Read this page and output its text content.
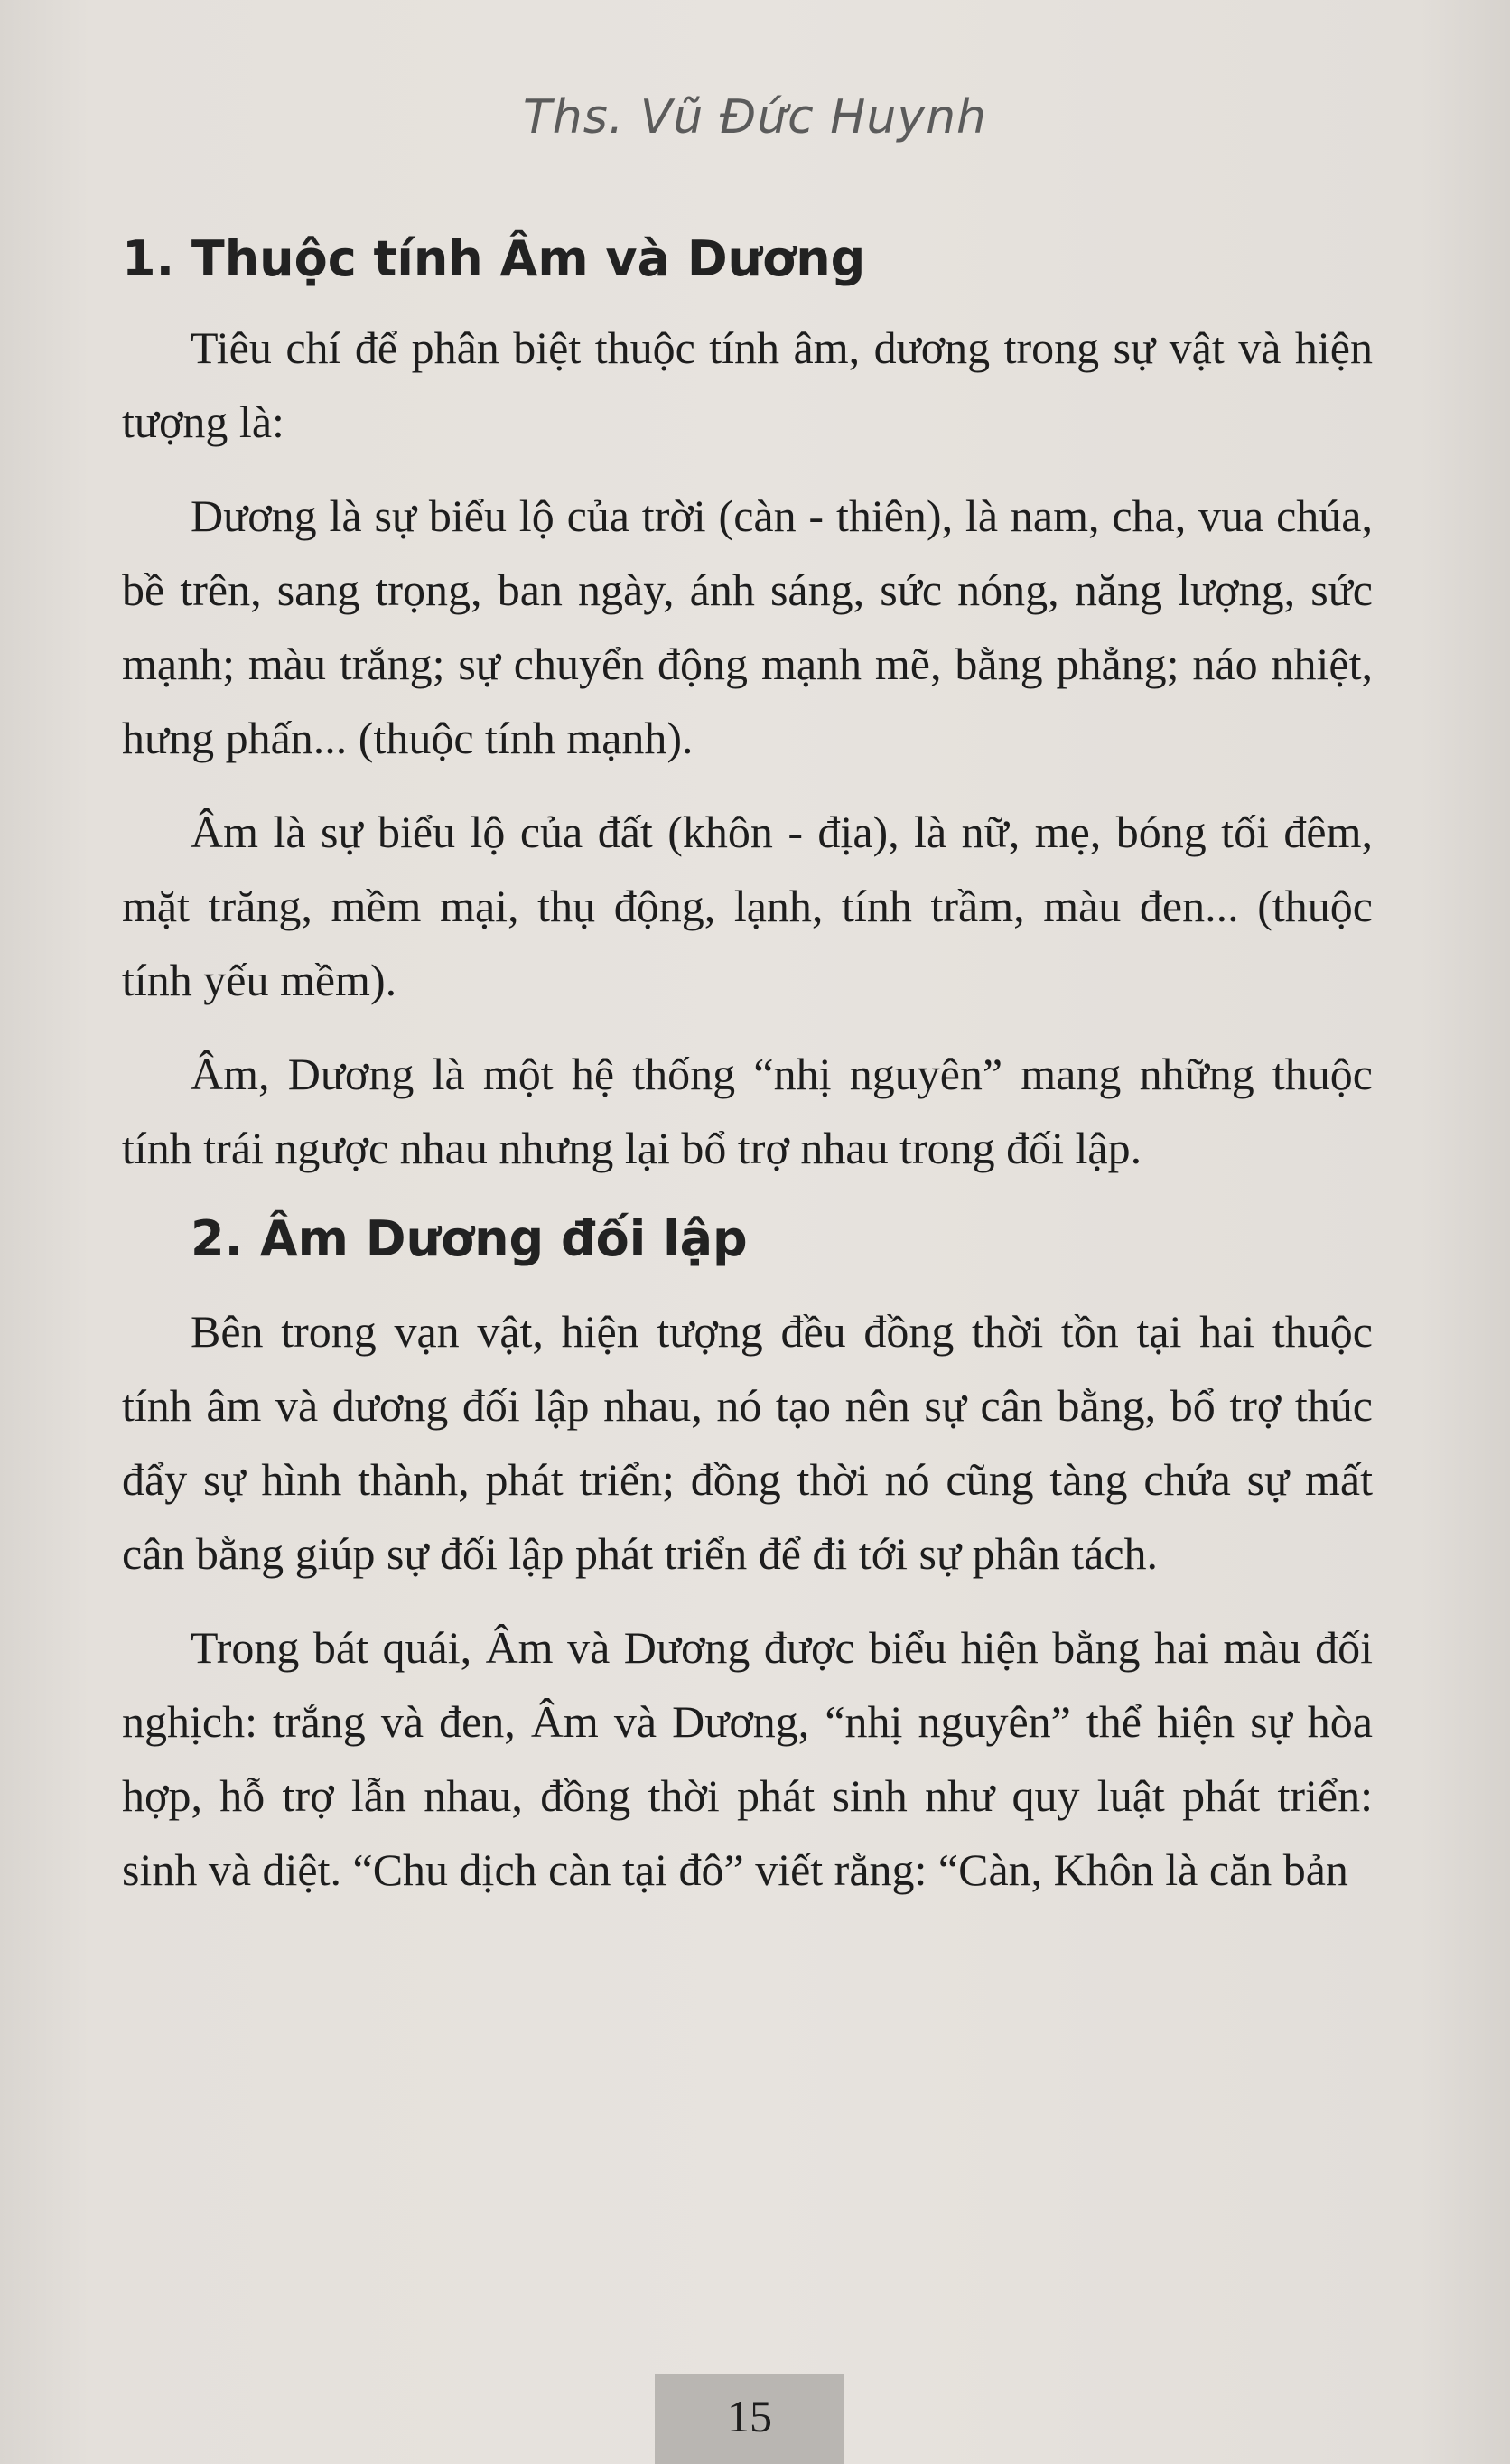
Ths. Vũ Đức Huynh
1. Thuộc tính Âm và Dương

Tiêu chí để phân biệt thuộc tính âm, dương trong sự vật và hiện tượng là:

Dương là sự biểu lộ của trời (càn - thiên), là nam, cha, vua chúa, bề trên, sang trọng, ban ngày, ánh sáng, sức nóng, năng lượng, sức mạnh; màu trắng; sự chuyển động mạnh mẽ, bằng phẳng; náo nhiệt, hưng phấn... (thuộc tính mạnh).

Âm là sự biểu lộ của đất (khôn - địa), là nữ, mẹ, bóng tối đêm, mặt trăng, mềm mại, thụ động, lạnh, tính trầm, màu đen... (thuộc tính yếu mềm).

Âm, Dương là một hệ thống “nhị nguyên” mang những thuộc tính trái ngược nhau nhưng lại bổ trợ nhau trong đối lập.

2. Âm Dương đối lập

Bên trong vạn vật, hiện tượng đều đồng thời tồn tại hai thuộc tính âm và dương đối lập nhau, nó tạo nên sự cân bằng, bổ trợ thúc đẩy sự hình thành, phát triển; đồng thời nó cũng tàng chứa sự mất cân bằng giúp sự đối lập phát triển để đi tới sự phân tách.

Trong bát quái, Âm và Dương được biểu hiện bằng hai màu đối nghịch: trắng và đen, Âm và Dương, “nhị nguyên” thể hiện sự hòa hợp, hỗ trợ lẫn nhau, đồng thời phát sinh như quy luật phát triển: sinh và diệt. “Chu dịch càn tại đô” viết rằng: “Càn, Khôn là căn bản

15
